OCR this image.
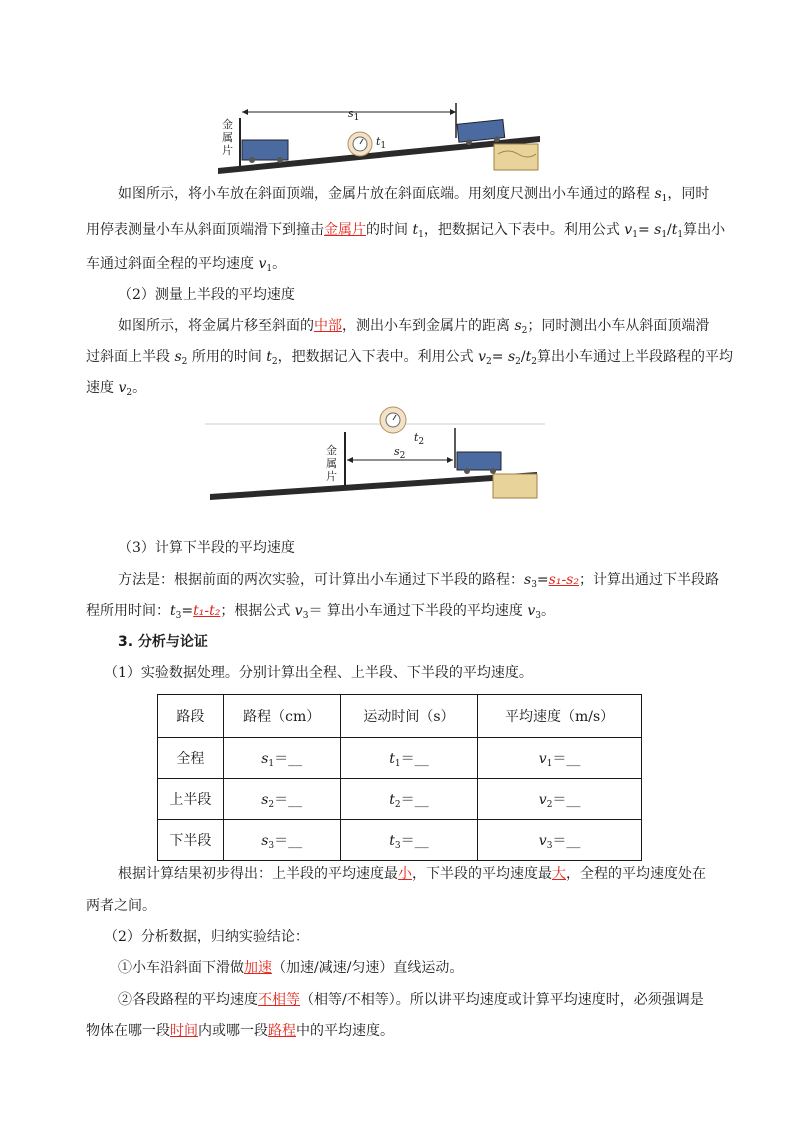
$s_1$
$t_1$
金属片
如图所示，将小车放在斜面顶端，金属片放在斜面底端。用刻度尺测出小车通过的路程 $s_1$，同时
用停表测量小车从斜面顶端滑下到撞击金属片的时间 $t_1$，把数据记入下表中。利用公式 $v_1= s_1/t_1$算出小
车通过斜面全程的平均速度 $v_1$。
（2）测量上半段的平均速度
如图所示，将金属片移至斜面的中部，测出小车到金属片的距离 $s_2$；同时测出小车从斜面顶端滑
过斜面上半段 $s_2$ 所用的时间 $t_2$，把数据记入下表中。利用公式 $v_2= s_2/t_2$算出小车通过上半段路程的平均
速度 $v_2$。
$s_2$
$t_2$
金属片
（3）计算下半段的平均速度
方法是：根据前面的两次实验，可计算出小车通过下半段的路程：$s_3=s_1-s_2$；计算出通过下半段路
程所用时间：$t_3=t_1-t_2$；根据公式 $v_3=$ 算出小车通过下半段的平均速度 $v_3$。
3. 分析与论证
（1）实验数据处理。分别计算出全程、上半段、下半段的平均速度。
路段	路程（cm）	运动时间（s）	平均速度（m/s）
全程	$s_1=\_\_$	$t_1=\_\_$	$v_1=\_\_$
上半段	$s_2=\_\_$	$t_2=\_\_$	$v_2=\_\_$
下半段	$s_3=\_\_$	$t_3=\_\_$	$v_3=\_\_$
根据计算结果初步得出：上半段的平均速度最小，下半段的平均速度最大，全程的平均速度处在
两者之间。
（2）分析数据，归纳实验结论：
①小车沿斜面下滑做加速（加速/减速/匀速）直线运动。
②各段路程的平均速度不相等（相等/不相等）。所以讲平均速度或计算平均速度时，必须强调是
物体在哪一段时间内或哪一段路程中的平均速度。
